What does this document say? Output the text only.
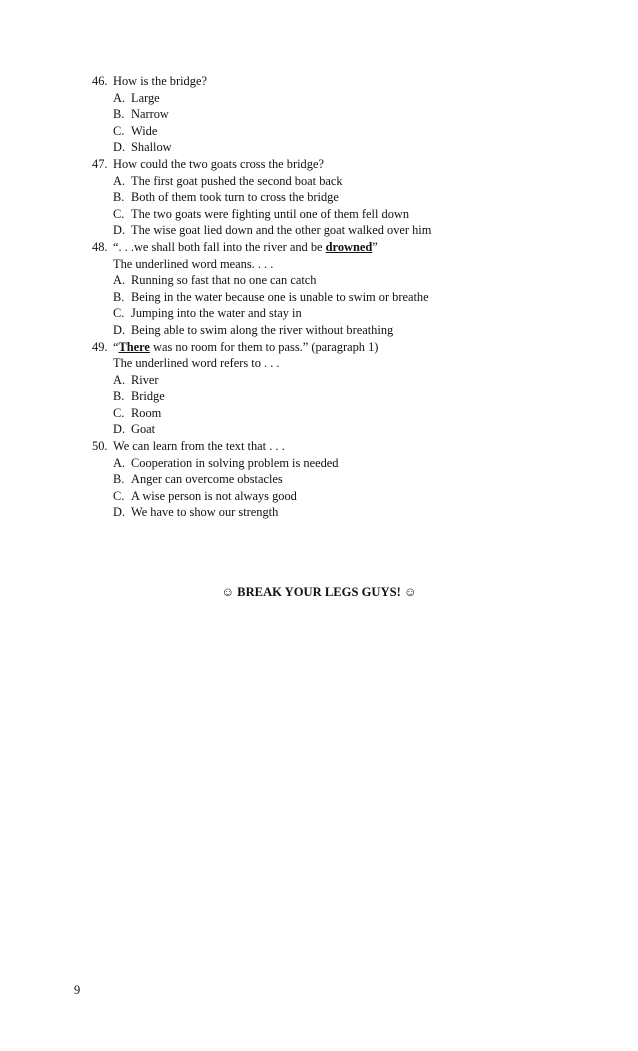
46. How is the bridge?
A. Large
B. Narrow
C. Wide
D. Shallow
47. How could the two goats cross the bridge?
A. The first goat pushed the second boat back
B. Both of them took turn to cross the bridge
C. The two goats were fighting until one of them fell down
D. The wise goat lied down and the other goat walked over him
48. “. . .we shall both fall into the river and be drowned”
The underlined word means. . . .
A. Running so fast that no one can catch
B. Being in the water because one is unable to swim or breathe
C. Jumping into the water and stay in
D. Being able to swim along the river without breathing
49. “There was no room for them to pass.” (paragraph 1)
The underlined word refers to . . .
A. River
B. Bridge
C. Room
D. Goat
50. We can learn from the text that . . .
A. Cooperation in solving problem is needed
B. Anger can overcome obstacles
C. A wise person is not always good
D. We have to show our strength
☺ BREAK YOUR LEGS GUYS! ☺
9
